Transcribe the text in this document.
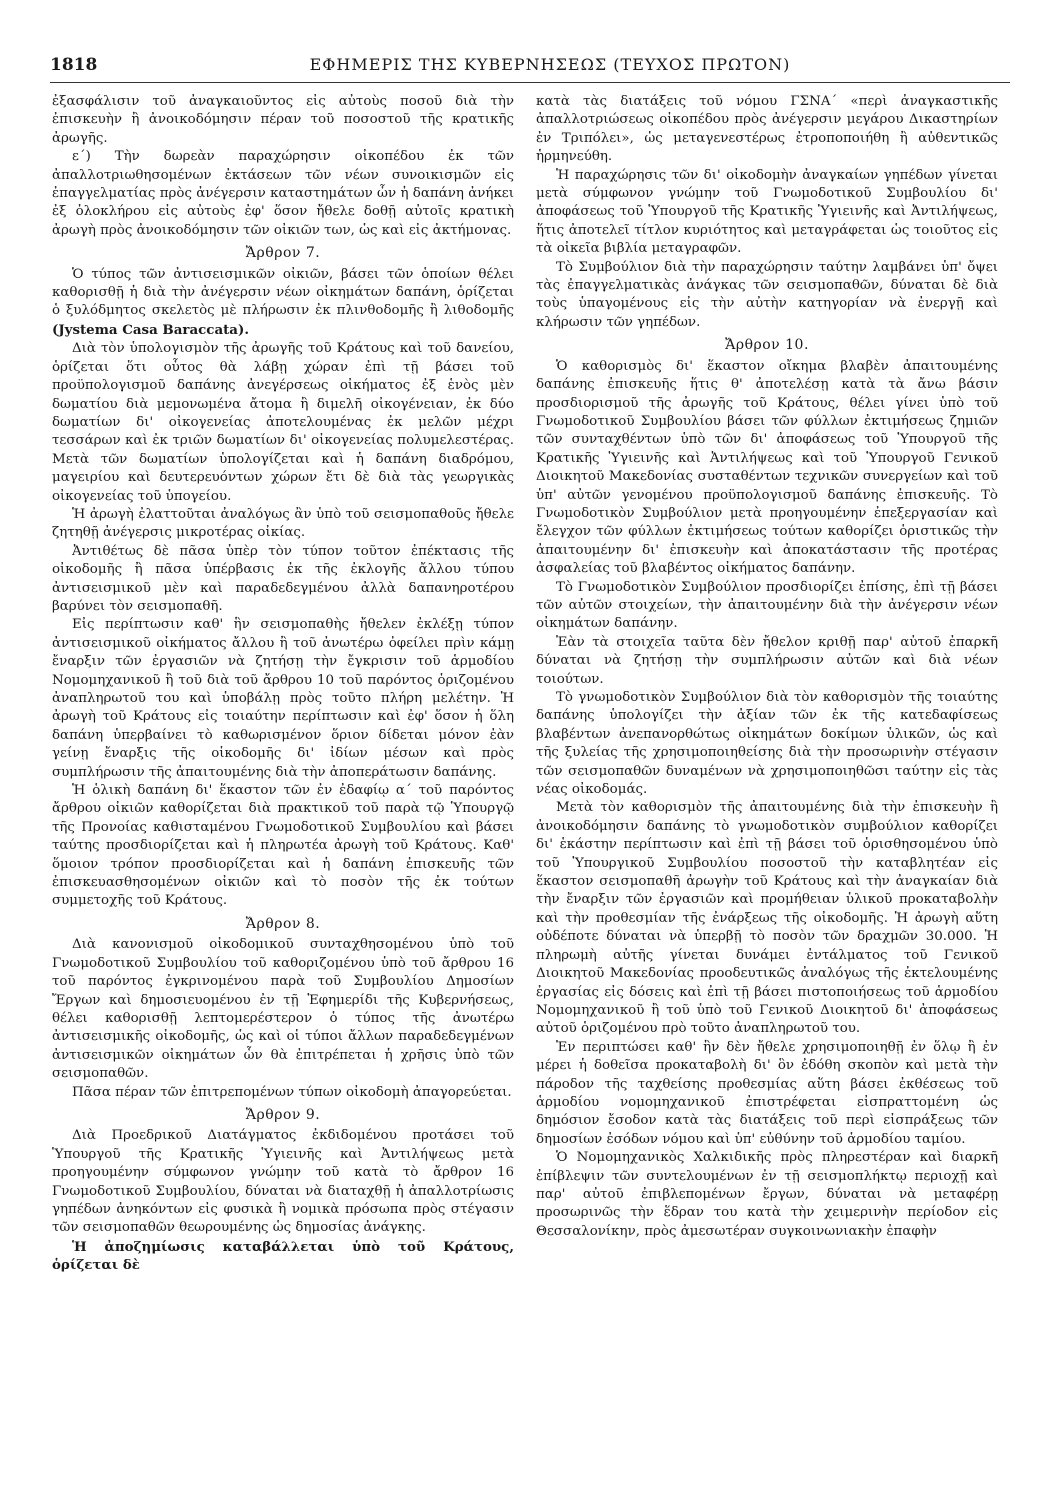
1818	ΕΦΗΜΕΡΙΣ ΤΗΣ ΚΥΒΕΡΝΗΣΕΩΣ (ΤΕΥΧΟΣ ΠΡΩΤΟΝ)

ἐξασφάλισιν τοῦ ἀναγκαιοῦντος εἰς αὐτοὺς ποσοῦ διὰ τὴν ἐπισκευὴν ἢ ἀνοικοδόμησιν πέραν τοῦ ποσοστοῦ τῆς κρατικῆς ἀρωγῆς.

ε΄) Τὴν δωρεὰν παραχώρησιν οἰκοπέδου ἐκ τῶν ἀπαλλοτριωθησομένων ἐκτάσεων τῶν νέων συνοικισμῶν εἰς ἐπαγγελματίας πρὸς ἀνέγερσιν καταστημάτων ὧν ἡ δαπάνη ἀνήκει ἐξ ὁλοκλήρου εἰς αὐτοὺς ἐφ' ὅσον ἤθελε δοθῇ αὐτοῖς κρατικὴ ἀρωγὴ πρὸς ἀνοικοδόμησιν τῶν οἰκιῶν των, ὡς καὶ εἰς ἀκτήμονας.

Ἄρθρον 7.

Ὁ τύπος τῶν ἀντισεισμικῶν οἰκιῶν, βάσει τῶν ὁποίων θέλει καθορισθῇ ἡ διὰ τὴν ἀνέγερσιν νέων οἰκημάτων δαπάνη, ὁρίζεται ὁ ξυλόδμητος σκελετὸς μὲ πλήρωσιν ἐκ πλινθοδομῆς ἢ λιθοδομῆς (Jystema Casa Baraccata).

Διὰ τὸν ὑπολογισμὸν τῆς ἀρωγῆς τοῦ Κράτους καὶ τοῦ δανείου, ὁρίζεται ὅτι οὗτος θὰ λάβῃ χώραν ἐπὶ τῇ βάσει τοῦ προϋπολογισμοῦ δαπάνης ἀνεγέρσεως οἰκήματος ἐξ ἑνὸς μὲν δωματίου διὰ μεμονωμένα ἄτομα ἢ διμελῆ οἰκογένειαν, ἐκ δύο δωματίων δι' οἰκογενείας ἀποτελουμένας ἐκ μελῶν μέχρι τεσσάρων καὶ ἐκ τριῶν δωματίων δι' οἰκογενείας πολυμελεστέρας. Μετὰ τῶν δωματίων ὑπολογίζεται καὶ ἡ δαπάνη διαδρόμου, μαγειρίου καὶ δευτερευόντων χώρων ἔτι δὲ διὰ τὰς γεωργικὰς οἰκογενείας τοῦ ὑπογείου.

Ἡ ἀρωγὴ ἐλαττοῦται ἀναλόγως ἂν ὑπὸ τοῦ σεισμοπαθοῦς ἤθελε ζητηθῇ ἀνέγερσις μικροτέρας οἰκίας.

Ἀντιθέτως δὲ πᾶσα ὑπὲρ τὸν τύπον τοῦτον ἐπέκτασις τῆς οἰκοδομῆς ἢ πᾶσα ὑπέρβασις ἐκ τῆς ἐκλογῆς ἄλλου τύπου ἀντισεισμικοῦ μὲν καὶ παραδεδεγμένου ἀλλὰ δαπανηροτέρου βαρύνει τὸν σεισμοπαθῆ.

Εἰς περίπτωσιν καθ' ἣν σεισμοπαθὴς ἤθελεν ἐκλέξῃ τύπον ἀντισεισμικοῦ οἰκήματος ἄλλου ἢ τοῦ ἀνωτέρω ὀφείλει πρὶν κάμῃ ἔναρξιν τῶν ἐργασιῶν νὰ ζητήσῃ τὴν ἔγκρισιν τοῦ ἁρμοδίου Νομομηχανικοῦ ἢ τοῦ διὰ τοῦ ἄρθρου 10 τοῦ παρόντος ὁριζομένου ἀναπληρωτοῦ του καὶ ὑποβάλῃ πρὸς τοῦτο πλήρη μελέτην. Ἡ ἀρωγὴ τοῦ Κράτους εἰς τοιαύτην περίπτωσιν καὶ ἐφ' ὅσον ἡ ὅλη δαπάνη ὑπερβαίνει τὸ καθωρισμένον ὅριον δίδεται μόνον ἐὰν γείνῃ ἔναρξις τῆς οἰκοδομῆς δι' ἰδίων μέσων καὶ πρὸς συμπλήρωσιν τῆς ἀπαιτουμένης διὰ τὴν ἀποπεράτωσιν δαπάνης.

Ἡ ὁλικὴ δαπάνη δι' ἕκαστον τῶν ἐν ἐδαφίῳ α΄ τοῦ παρόντος ἄρθρου οἰκιῶν καθορίζεται διὰ πρακτικοῦ τοῦ παρὰ τῷ Ὑπουργῷ τῆς Προνοίας καθισταμένου Γνωμοδοτικοῦ Συμβουλίου καὶ βάσει ταύτης προσδιορίζεται καὶ ἡ πληρωτέα ἀρωγὴ τοῦ Κράτους. Καθ' ὅμοιον τρόπον προσδιορίζεται καὶ ἡ δαπάνη ἐπισκευῆς τῶν ἐπισκευασθησομένων οἰκιῶν καὶ τὸ ποσὸν τῆς ἐκ τούτων συμμετοχῆς τοῦ Κράτους.

Ἄρθρον 8.

Διὰ κανονισμοῦ οἰκοδομικοῦ συνταχθησομένου ὑπὸ τοῦ Γνωμοδοτικοῦ Συμβουλίου τοῦ καθοριζομένου ὑπὸ τοῦ ἄρθρου 16 τοῦ παρόντος ἐγκρινομένου παρὰ τοῦ Συμβουλίου Δημοσίων Ἔργων καὶ δημοσιευομένου ἐν τῇ Ἐφημερίδι τῆς Κυβερνήσεως, θέλει καθορισθῇ λεπτομερέστερον ὁ τύπος τῆς ἀνωτέρω ἀντισεισμικῆς οἰκοδομῆς, ὡς καὶ οἱ τύποι ἄλλων παραδεδεγμένων ἀντισεισμικῶν οἰκημάτων ὧν θὰ ἐπιτρέπεται ἡ χρῆσις ὑπὸ τῶν σεισμοπαθῶν.

Πᾶσα πέραν τῶν ἐπιτρεπομένων τύπων οἰκοδομὴ ἀπαγορεύεται.

Ἄρθρον 9.

Διὰ Προεδρικοῦ Διατάγματος ἐκδιδομένου προτάσει τοῦ Ὑπουργοῦ τῆς Κρατικῆς Ὑγιεινῆς καὶ Ἀντιλήψεως μετὰ προηγουμένην σύμφωνον γνώμην τοῦ κατὰ τὸ ἄρθρον 16 Γνωμοδοτικοῦ Συμβουλίου, δύναται νὰ διαταχθῇ ἡ ἀπαλλοτρίωσις γηπέδων ἀνηκόντων εἰς φυσικὰ ἢ νομικὰ πρόσωπα πρὸς στέγασιν τῶν σεισμοπαθῶν θεωρουμένης ὡς δημοσίας ἀνάγκης.

Ἡ ἀποζημίωσις καταβάλλεται ὑπὸ τοῦ Κράτους, ὁρίζεται δὲ

κατὰ τὰς διατάξεις τοῦ νόμου ΓΣΝΑ΄ «περὶ ἀναγκαστικῆς ἀπαλλοτριώσεως οἰκοπέδου πρὸς ἀνέγερσιν μεγάρου Δικαστηρίων ἐν Τριπόλει», ὡς μεταγενεστέρως ἐτροποποιήθη ἢ αὐθεντικῶς ἡρμηνεύθη.

Ἡ παραχώρησις τῶν δι' οἰκοδομὴν ἀναγκαίων γηπέδων γίνεται μετὰ σύμφωνον γνώμην τοῦ Γνωμοδοτικοῦ Συμβουλίου δι' ἀποφάσεως τοῦ Ὑπουργοῦ τῆς Κρατικῆς Ὑγιεινῆς καὶ Ἀντιλήψεως, ἥτις ἀποτελεῖ τίτλον κυριότητος καὶ μεταγράφεται ὡς τοιοῦτος εἰς τὰ οἰκεῖα βιβλία μεταγραφῶν.

Τὸ Συμβούλιον διὰ τὴν παραχώρησιν ταύτην λαμβάνει ὑπ' ὄψει τὰς ἐπαγγελματικὰς ἀνάγκας τῶν σεισμοπαθῶν, δύναται δὲ διὰ τοὺς ὑπαγομένους εἰς τὴν αὐτὴν κατηγορίαν νὰ ἐνεργῇ καὶ κλήρωσιν τῶν γηπέδων.

Ἄρθρον 10.

Ὁ καθορισμὸς δι' ἕκαστον οἴκημα βλαβὲν ἀπαιτουμένης δαπάνης ἐπισκευῆς ἥτις θ' ἀποτελέσῃ κατὰ τὰ ἄνω βάσιν προσδιορισμοῦ τῆς ἀρωγῆς τοῦ Κράτους, θέλει γίνει ὑπὸ τοῦ Γνωμοδοτικοῦ Συμβουλίου βάσει τῶν φύλλων ἐκτιμήσεως ζημιῶν τῶν συνταχθέντων ὑπὸ τῶν δι' ἀποφάσεως τοῦ Ὑπουργοῦ τῆς Κρατικῆς Ὑγιεινῆς καὶ Ἀντιλήψεως καὶ τοῦ Ὑπουργοῦ Γενικοῦ Διοικητοῦ Μακεδονίας συσταθέντων τεχνικῶν συνεργείων καὶ τοῦ ὑπ' αὐτῶν γενομένου προϋπολογισμοῦ δαπάνης ἐπισκευῆς. Τὸ Γνωμοδοτικὸν Συμβούλιον μετὰ προηγουμένην ἐπεξεργασίαν καὶ ἔλεγχον τῶν φύλλων ἐκτιμήσεως τούτων καθορίζει ὁριστικῶς τὴν ἀπαιτουμένην δι' ἐπισκευὴν καὶ ἀποκατάστασιν τῆς προτέρας ἀσφαλείας τοῦ βλαβέντος οἰκήματος δαπάνην.

Τὸ Γνωμοδοτικὸν Συμβούλιον προσδιορίζει ἐπίσης, ἐπὶ τῇ βάσει τῶν αὐτῶν στοιχείων, τὴν ἀπαιτουμένην διὰ τὴν ἀνέγερσιν νέων οἰκημάτων δαπάνην.

Ἐὰν τὰ στοιχεῖα ταῦτα δὲν ἤθελον κριθῇ παρ' αὐτοῦ ἐπαρκῆ δύναται νὰ ζητήσῃ τὴν συμπλήρωσιν αὐτῶν καὶ διὰ νέων τοιούτων.

Τὸ γνωμοδοτικὸν Συμβούλιον διὰ τὸν καθορισμὸν τῆς τοιαύτης δαπάνης ὑπολογίζει τὴν ἀξίαν τῶν ἐκ τῆς κατεδαφίσεως βλαβέντων ἀνεπανορθώτως οἰκημάτων δοκίμων ὑλικῶν, ὡς καὶ τῆς ξυλείας τῆς χρησιμοποιηθείσης διὰ τὴν προσωρινὴν στέγασιν τῶν σεισμοπαθῶν δυναμένων νὰ χρησιμοποιηθῶσι ταύτην εἰς τὰς νέας οἰκοδομάς.

Μετὰ τὸν καθορισμὸν τῆς ἀπαιτουμένης διὰ τὴν ἐπισκευὴν ἢ ἀνοικοδόμησιν δαπάνης τὸ γνωμοδοτικὸν συμβούλιον καθορίζει δι' ἑκάστην περίπτωσιν καὶ ἐπὶ τῇ βάσει τοῦ ὁρισθησομένου ὑπὸ τοῦ Ὑπουργικοῦ Συμβουλίου ποσοστοῦ τὴν καταβλητέαν εἰς ἕκαστον σεισμοπαθῆ ἀρωγὴν τοῦ Κράτους καὶ τὴν ἀναγκαίαν διὰ τὴν ἔναρξιν τῶν ἐργασιῶν καὶ προμήθειαν ὑλικοῦ προκαταβολὴν καὶ τὴν προθεσμίαν τῆς ἐνάρξεως τῆς οἰκοδομῆς. Ἡ ἀρωγὴ αὕτη οὐδέποτε δύναται νὰ ὑπερβῇ τὸ ποσὸν τῶν δραχμῶν 30.000. Ἡ πληρωμὴ αὐτῆς γίνεται δυνάμει ἐντάλματος τοῦ Γενικοῦ Διοικητοῦ Μακεδονίας προοδευτικῶς ἀναλόγως τῆς ἐκτελουμένης ἐργασίας εἰς δόσεις καὶ ἐπὶ τῇ βάσει πιστοποιήσεως τοῦ ἁρμοδίου Νομομηχανικοῦ ἢ τοῦ ὑπὸ τοῦ Γενικοῦ Διοικητοῦ δι' ἀποφάσεως αὐτοῦ ὁριζομένου πρὸ τοῦτο ἀναπληρωτοῦ του.

Ἐν περιπτώσει καθ' ἣν δὲν ἤθελε χρησιμοποιηθῇ ἐν ὅλῳ ἢ ἐν μέρει ἡ δοθεῖσα προκαταβολὴ δι' ὃν ἐδόθη σκοπὸν καὶ μετὰ τὴν πάροδον τῆς ταχθείσης προθεσμίας αὕτη βάσει ἐκθέσεως τοῦ ἁρμοδίου νομομηχανικοῦ ἐπιστρέφεται εἰσπραττομένη ὡς δημόσιον ἔσοδον κατὰ τὰς διατάξεις τοῦ περὶ εἰσπράξεως τῶν δημοσίων ἐσόδων νόμου καὶ ὑπ' εὐθύνην τοῦ ἁρμοδίου ταμίου.

Ὁ Νομομηχανικὸς Χαλκιδικῆς πρὸς πληρεστέραν καὶ διαρκῆ ἐπίβλεψιν τῶν συντελουμένων ἐν τῇ σεισμοπλήκτῳ περιοχῇ καὶ παρ' αὐτοῦ ἐπιβλεπομένων ἔργων, δύναται νὰ μεταφέρῃ προσωρινῶς τὴν ἕδραν του κατὰ τὴν χειμερινὴν περίοδον εἰς Θεσσαλονίκην, πρὸς ἀμεσωτέραν συγκοινωνιακὴν ἐπαφὴν
